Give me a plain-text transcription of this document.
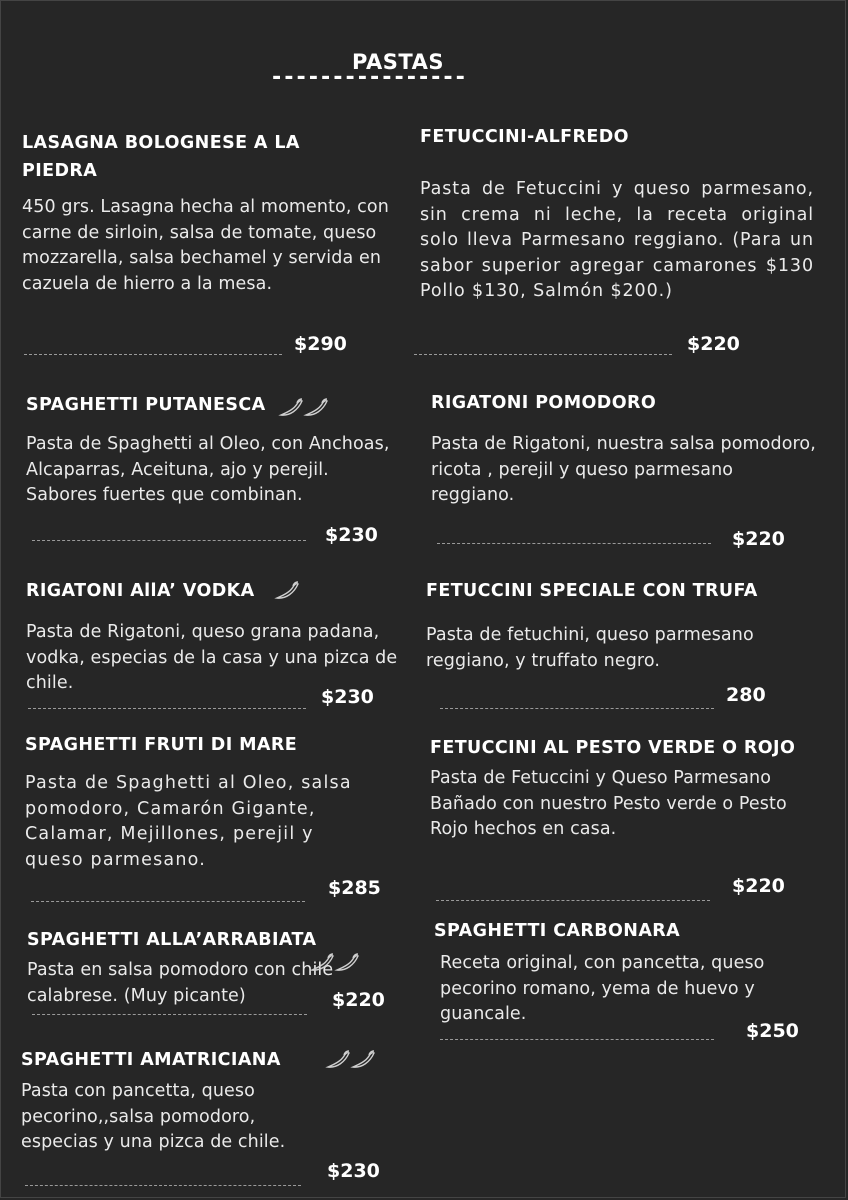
PASTAS
LASAGNA BOLOGNESE A LA
PIEDRA
450 grs. Lasagna hecha al momento, con carne de sirloin, salsa de tomate, queso mozzarella, salsa bechamel y servida en cazuela de hierro a la mesa.
$290
FETUCCINI-ALFREDO
Pasta de Fetuccini y queso parmesano, sin crema ni leche, la receta original solo lleva Parmesano reggiano. (Para un sabor superior agregar camarones $130 Pollo $130, Salmón $200.)
$220
SPAGHETTI PUTANESCA
Pasta de Spaghetti al Oleo, con Anchoas, Alcaparras, Aceituna, ajo y perejil. Sabores fuertes que combinan.
$230
RIGATONI POMODORO
Pasta de Rigatoni, nuestra salsa pomodoro, ricota , perejil y queso parmesano reggiano.
$220
RIGATONI AllA’ VODKA
Pasta de Rigatoni, queso grana padana, vodka, especias de la casa y una pizca de chile.
$230
FETUCCINI SPECIALE CON TRUFA
Pasta de fetuchini, queso parmesano reggiano, y truffato negro.
280
SPAGHETTI FRUTI DI MARE
Pasta de Spaghetti al Oleo, salsa pomodoro, Camarón Gigante, Calamar, Mejillones, perejil y queso parmesano.
$285
FETUCCINI AL PESTO VERDE O ROJO
Pasta de Fetuccini y Queso Parmesano Bañado con nuestro Pesto verde o Pesto Rojo hechos en casa.
$220
SPAGHETTI ALLA’ARRABIATA
Pasta en salsa pomodoro con chile calabrese. (Muy picante)	$220
SPAGHETTI CARBONARA
Receta original, con pancetta, queso pecorino romano, yema de huevo y guancale.
$250
SPAGHETTI AMATRICIANA
Pasta con pancetta, queso pecorino,,salsa pomodoro, especias y una pizca de chile.
$230
